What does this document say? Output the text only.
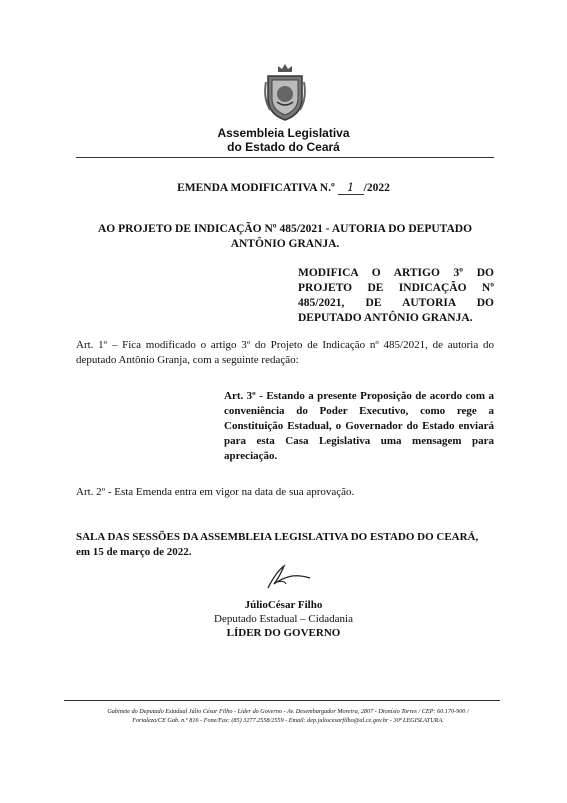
Assembleia Legislativa
do Estado do Ceará
EMENDA MODIFICATIVA N.º 1 /2022
AO PROJETO DE INDICAÇÃO Nº 485/2021 - AUTORIA DO DEPUTADO ANTÔNIO GRANJA.
MODIFICA O ARTIGO 3º DO PROJETO DE INDICAÇÃO Nº 485/2021, DE AUTORIA DO DEPUTADO ANTÔNIO GRANJA.
Art. 1º – Fica modificado o artigo 3º do Projeto de Indicação nº 485/2021, de autoria do deputado Antônio Granja, com a seguinte redação:
Art. 3º - Estando a presente Proposição de acordo com a conveniência do Poder Executivo, como rege a Constituição Estadual, o Governador do Estado enviará para esta Casa Legislativa uma mensagem para apreciação.
Art. 2º - Esta Emenda entra em vigor na data de sua aprovação.
SALA DAS SESSÕES DA ASSEMBLEIA LEGISLATIVA DO ESTADO DO CEARÁ, em 15 de março de 2022.
JúlioCésar Filho
Deputado Estadual – Cidadania
LÍDER DO GOVERNO
Gabinete do Deputado Estadual Júlio César Filho - Líder do Governo - Av. Desembargador Moreira, 2807 - Dionísio Torres / CEP: 60.170-900 /
Fortaleza/CE Gab. n.º 816 - Fone/Fax: (85) 3277.2558/2559 - Email: dep.juliocesarfilho@al.ce.gov.br - 30ª LEGISLATURA.
